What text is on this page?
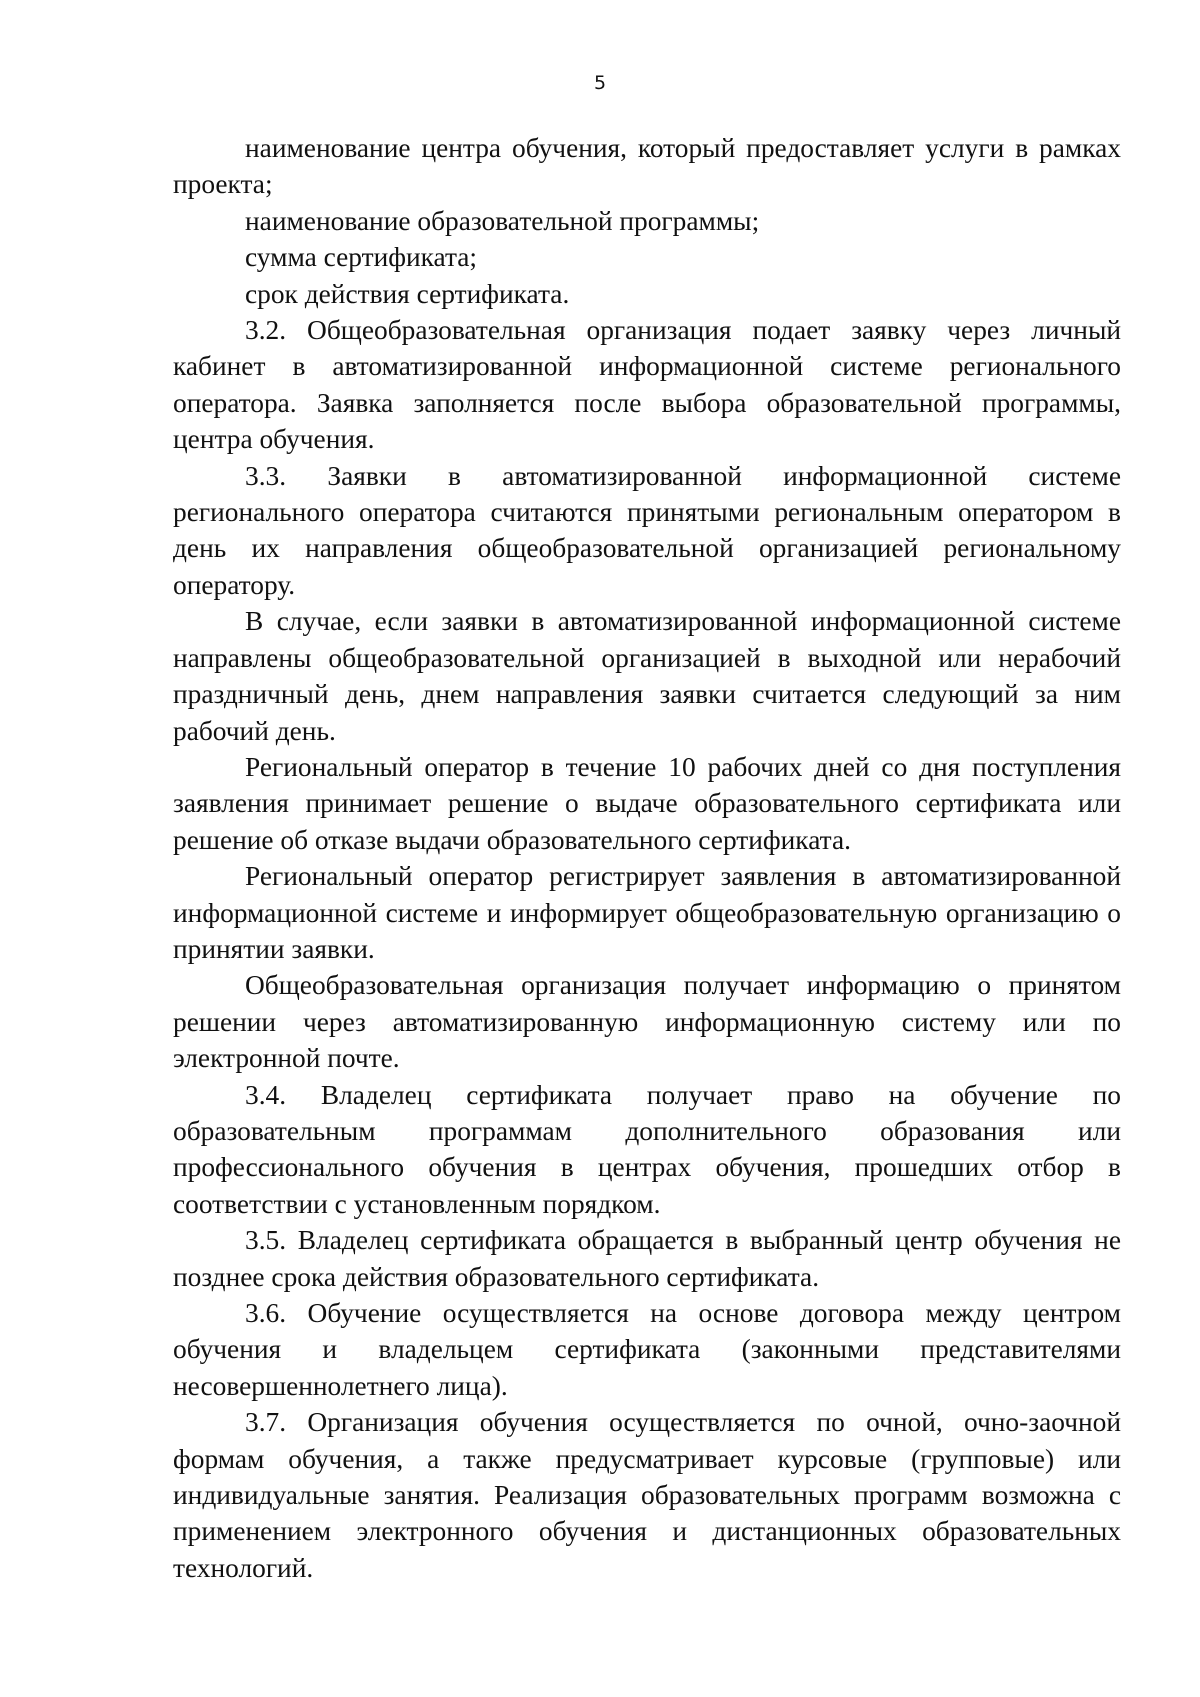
5

наименование центра обучения, который предоставляет услуги в рамках проекта;

наименование образовательной программы;

сумма сертификата;

срок действия сертификата.

3.2. Общеобразовательная организация подает заявку через личный кабинет в автоматизированной информационной системе регионального оператора. Заявка заполняется после выбора образовательной программы, центра обучения.

3.3. Заявки в автоматизированной информационной системе регионального оператора считаются принятыми региональным оператором в день их направления общеобразовательной организацией региональному оператору.

В случае, если заявки в автоматизированной информационной системе направлены общеобразовательной организацией в выходной или нерабочий праздничный день, днем направления заявки считается следующий за ним рабочий день.

Региональный оператор в течение 10 рабочих дней со дня поступления заявления принимает решение о выдаче образовательного сертификата или решение об отказе выдачи образовательного сертификата.

Региональный оператор регистрирует заявления в автоматизированной информационной системе и информирует общеобразовательную организацию о принятии заявки.

Общеобразовательная организация получает информацию о принятом решении через автоматизированную информационную систему или по электронной почте.

3.4. Владелец сертификата получает право на обучение по образовательным программам дополнительного образования или профессионального обучения в центрах обучения, прошедших отбор в соответствии с установленным порядком.

3.5. Владелец сертификата обращается в выбранный центр обучения не позднее срока действия образовательного сертификата.

3.6. Обучение осуществляется на основе договора между центром обучения и владельцем сертификата (законными представителями несовершеннолетнего лица).

3.7. Организация обучения осуществляется по очной, очно-заочной формам обучения, а также предусматривает курсовые (групповые) или индивидуальные занятия. Реализация образовательных программ возможна с применением электронного обучения и дистанционных образовательных технологий.
